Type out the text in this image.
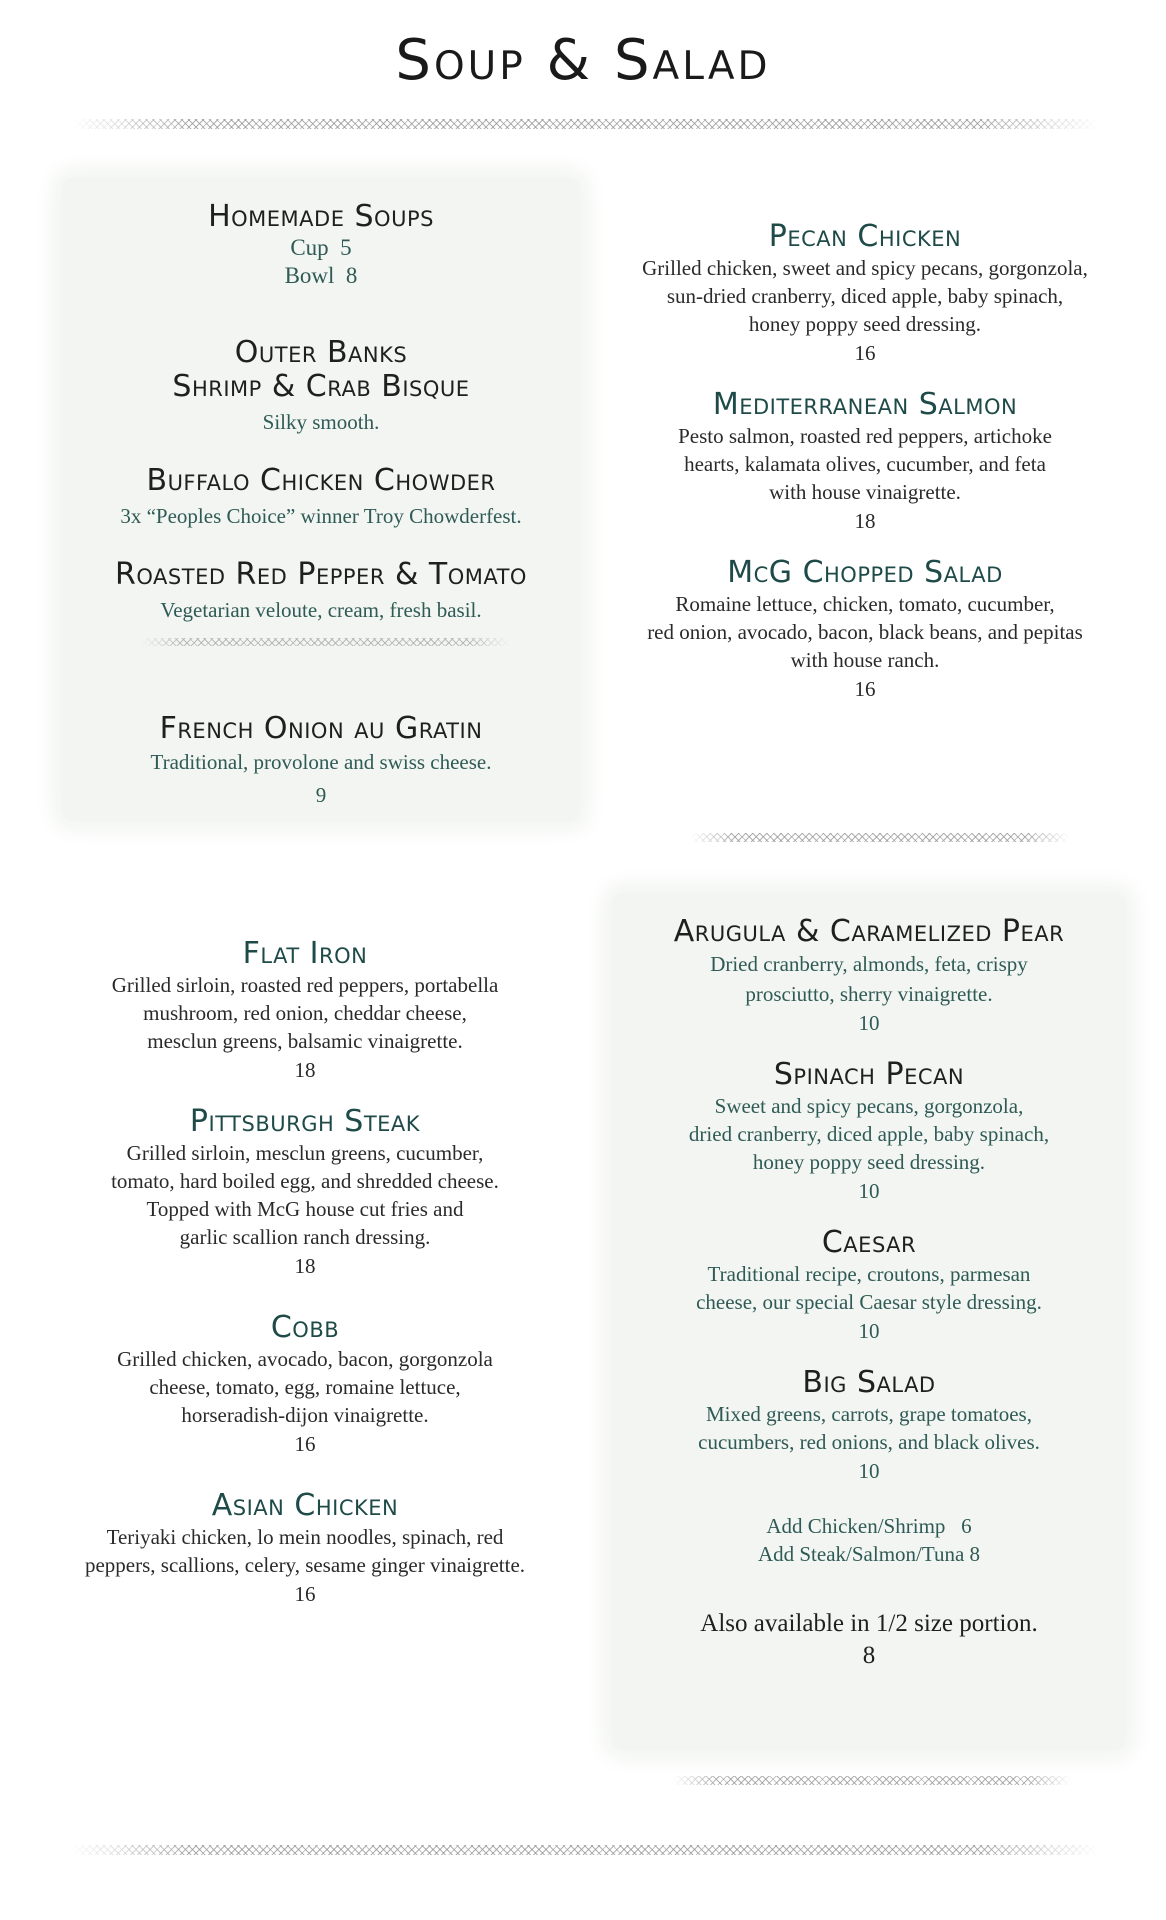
Soup & Salad
Homemade Soups
Cup  5
Bowl  8
Outer Banks
Shrimp & Crab Bisque
Silky smooth.
Buffalo Chicken Chowder
3x “Peoples Choice” winner Troy Chowderfest.
Roasted Red Pepper & Tomato
Vegetarian veloute, cream, fresh basil.
French Onion au Gratin
Traditional, provolone and swiss cheese.
9
Pecan Chicken
Grilled chicken, sweet and spicy pecans, gorgonzola,
sun-dried cranberry, diced apple, baby spinach,
honey poppy seed dressing.
16
Mediterranean Salmon
Pesto salmon, roasted red peppers, artichoke
hearts, kalamata olives, cucumber, and feta
with house vinaigrette.
18
McG Chopped Salad
Romaine lettuce, chicken, tomato, cucumber,
red onion, avocado, bacon, black beans, and pepitas
with house ranch.
16
Flat Iron
Grilled sirloin, roasted red peppers, portabella
mushroom, red onion, cheddar cheese,
mesclun greens, balsamic vinaigrette.
18
Pittsburgh Steak
Grilled sirloin, mesclun greens, cucumber,
tomato, hard boiled egg, and shredded cheese.
Topped with McG house cut fries and
garlic scallion ranch dressing.
18
Cobb
Grilled chicken, avocado, bacon, gorgonzola
cheese, tomato, egg, romaine lettuce,
horseradish-dijon vinaigrette.
16
Asian Chicken
Teriyaki chicken, lo mein noodles, spinach, red
peppers, scallions, celery, sesame ginger vinaigrette.
16
Arugula & Caramelized Pear
Dried cranberry, almonds, feta, crispy
prosciutto, sherry vinaigrette.
10
Spinach Pecan
Sweet and spicy pecans, gorgonzola,
dried cranberry, diced apple, baby spinach,
honey poppy seed dressing.
10
Caesar
Traditional recipe, croutons, parmesan
cheese, our special Caesar style dressing.
10
Big Salad
Mixed greens, carrots, grape tomatoes,
cucumbers, red onions, and black olives.
10
Add Chicken/Shrimp   6
Add Steak/Salmon/Tuna 8
Also available in 1/2 size portion.
8
